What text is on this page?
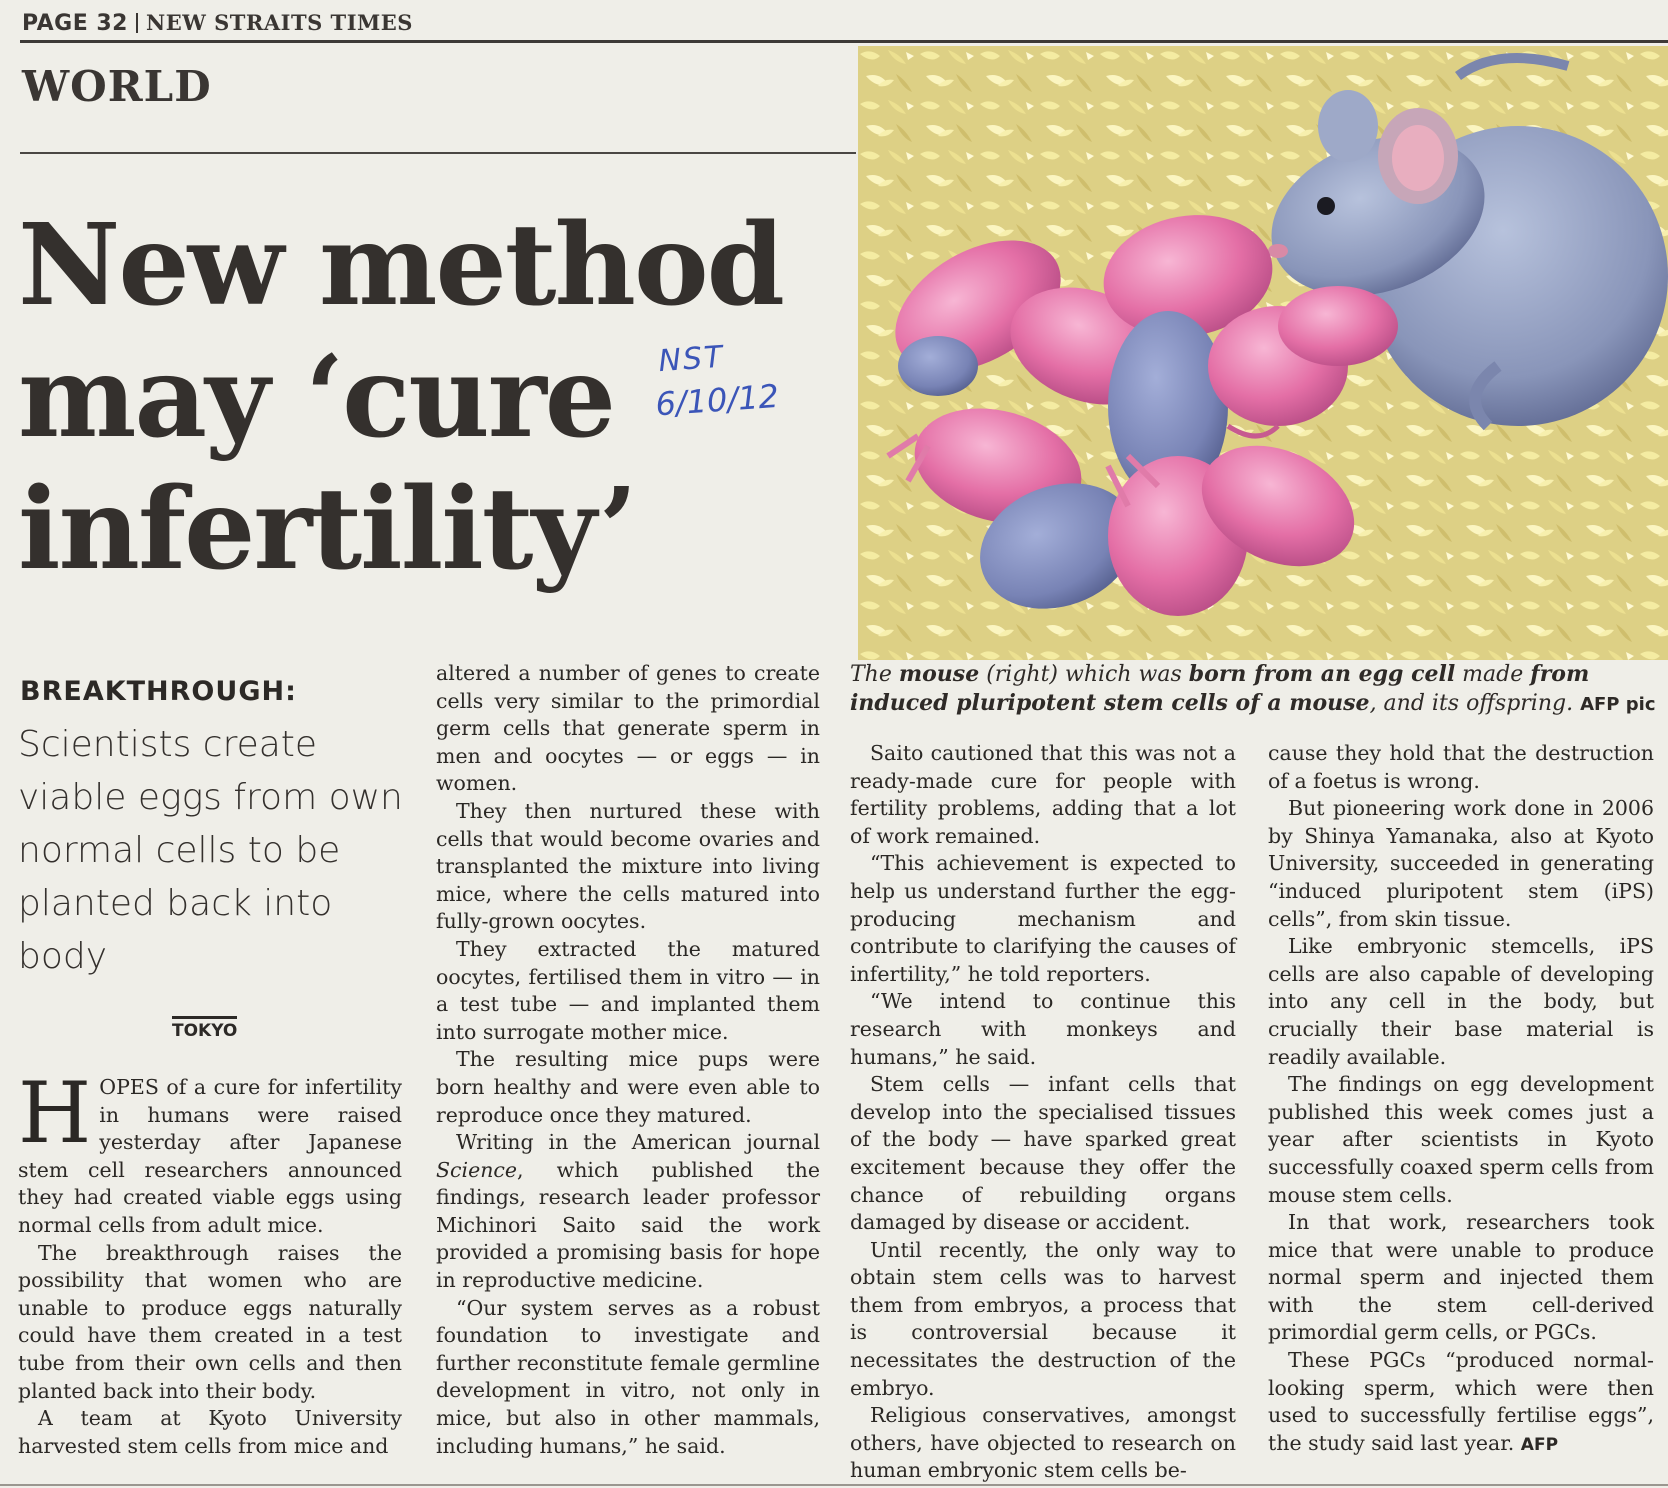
PAGE 32 NEW STRAITS TIMES
WORLD
New method
may ‘cure
infertility’
NST
6/10/12
The mouse (right) which was born from an egg cell made from induced pluripotent stem cells of a mouse, and its offspring. AFP pic
BREAKTHROUGH:
Scientists create viable eggs from own normal cells to be planted back into body
TOKYO

HOPES of a cure for infertility in humans were raised yesterday after Japanese stem cell researchers announced they had created viable eggs using normal cells from adult mice.

The breakthrough raises the possibility that women who are unable to produce eggs naturally could have them created in a test tube from their own cells and then planted back into their body.

A team at Kyoto University harvested stem cells from mice and

altered a number of genes to create cells very similar to the primordial germ cells that generate sperm in men and oocytes — or eggs — in women.

They then nurtured these with cells that would become ovaries and transplanted the mixture into living mice, where the cells matured into fully-grown oocytes.

They extracted the matured oocytes, fertilised them in vitro — in a test tube — and implanted them into surrogate mother mice.

The resulting mice pups were born healthy and were even able to reproduce once they matured.

Writing in the American journal Science, which published the findings, research leader professor Michinori Saito said the work provided a promising basis for hope in reproductive medicine.

“Our system serves as a robust foundation to investigate and further reconstitute female germline development in vitro, not only in mice, but also in other mammals, including humans,” he said.

Saito cautioned that this was not a ready-made cure for people with fertility problems, adding that a lot of work remained.

“This achievement is expected to help us understand further the egg-producing mechanism and contribute to clarifying the causes of infertility,” he told reporters.

“We intend to continue this research with monkeys and humans,” he said.

Stem cells — infant cells that develop into the specialised tissues of the body — have sparked great excitement because they offer the chance of rebuilding organs damaged by disease or accident.

Until recently, the only way to obtain stem cells was to harvest them from embryos, a process that is controversial because it necessitates the destruction of the embryo.

Religious conservatives, amongst others, have objected to research on human embryonic stem cells be-

cause they hold that the destruction of a foetus is wrong.

But pioneering work done in 2006 by Shinya Yamanaka, also at Kyoto University, succeeded in generating “induced pluripotent stem (iPS) cells”, from skin tissue.

Like embryonic stemcells, iPS cells are also capable of developing into any cell in the body, but crucially their base material is readily available.

The findings on egg development published this week comes just a year after scientists in Kyoto successfully coaxed sperm cells from mouse stem cells.

In that work, researchers took mice that were unable to produce normal sperm and injected them with the stem cell-derived primordial germ cells, or PGCs.

These PGCs “produced normal-looking sperm, which were then used to successfully fertilise eggs”, the study said last year. AFP
